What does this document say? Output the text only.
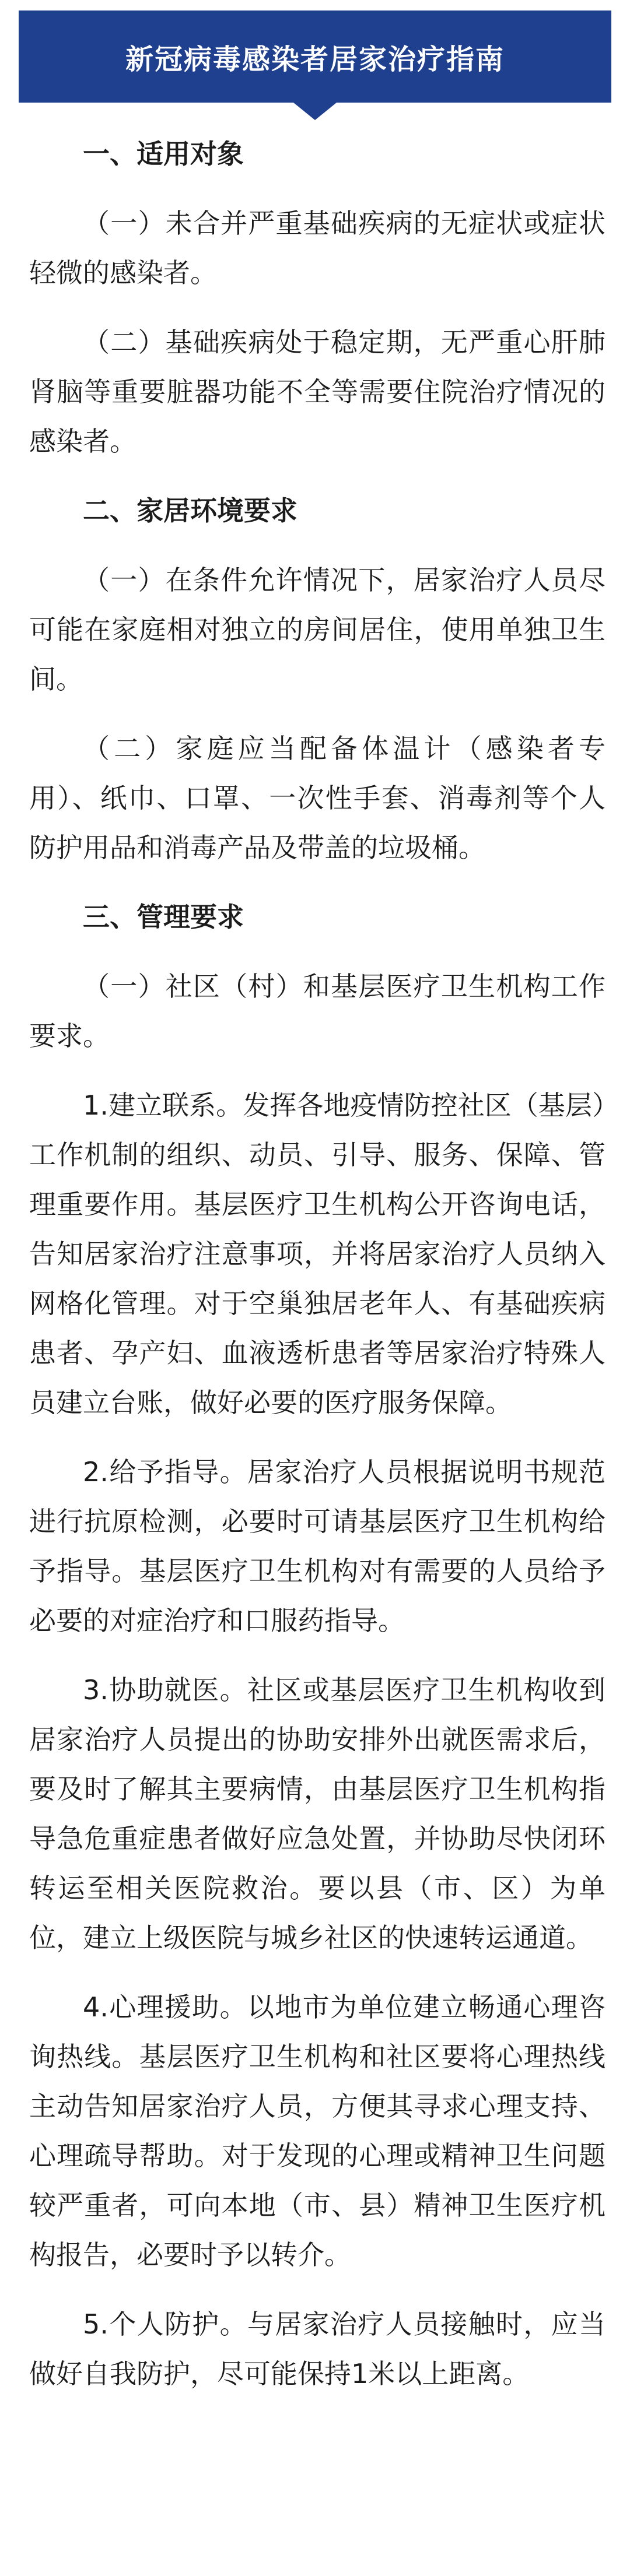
新冠病毒感染者居家治疗指南
一、适用对象
（一）未合并严重基础疾病的无症状或症状轻微的感染者。
（二）基础疾病处于稳定期，无严重心肝肺肾脑等重要脏器功能不全等需要住院治疗情况的感染者。
二、家居环境要求
（一）在条件允许情况下，居家治疗人员尽可能在家庭相对独立的房间居住，使用单独卫生间。
（二）家庭应当配备体温计（感染者专用）、纸巾、口罩、一次性手套、消毒剂等个人防护用品和消毒产品及带盖的垃圾桶。
三、管理要求
（一）社区（村）和基层医疗卫生机构工作要求。
1.建立联系。发挥各地疫情防控社区（基层）工作机制的组织、动员、引导、服务、保障、管理重要作用。基层医疗卫生机构公开咨询电话，告知居家治疗注意事项，并将居家治疗人员纳入网格化管理。对于空巢独居老年人、有基础疾病患者、孕产妇、血液透析患者等居家治疗特殊人员建立台账，做好必要的医疗服务保障。
2.给予指导。居家治疗人员根据说明书规范进行抗原检测，必要时可请基层医疗卫生机构给予指导。基层医疗卫生机构对有需要的人员给予必要的对症治疗和口服药指导。
3.协助就医。社区或基层医疗卫生机构收到居家治疗人员提出的协助安排外出就医需求后，要及时了解其主要病情，由基层医疗卫生机构指导急危重症患者做好应急处置，并协助尽快闭环转运至相关医院救治。要以县（市、区）为单位，建立上级医院与城乡社区的快速转运通道。
4.心理援助。以地市为单位建立畅通心理咨询热线。基层医疗卫生机构和社区要将心理热线主动告知居家治疗人员，方便其寻求心理支持、心理疏导帮助。对于发现的心理或精神卫生问题较严重者，可向本地（市、县）精神卫生医疗机构报告，必要时予以转介。
5.个人防护。与居家治疗人员接触时，应当做好自我防护，尽可能保持1米以上距离。
